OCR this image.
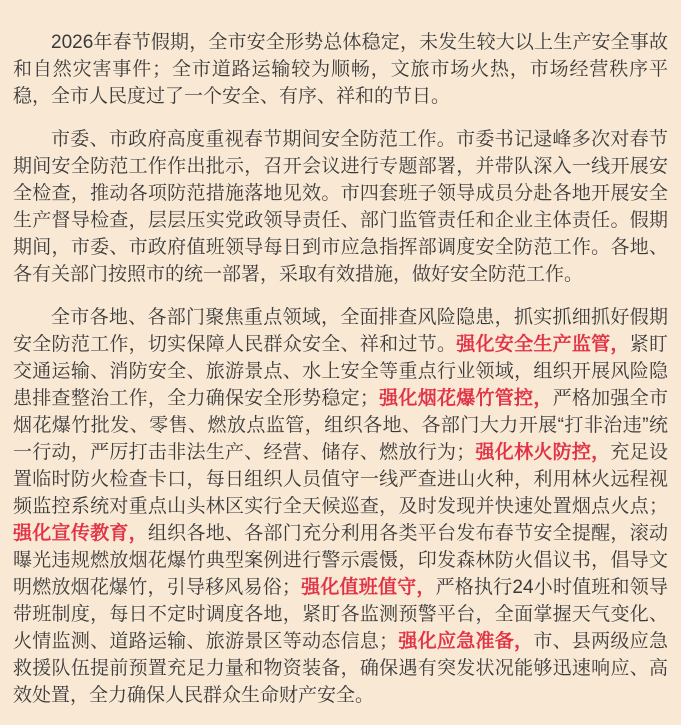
2026年春节假期，全市安全形势总体稳定，未发生较大以上生产安全事故和自然灾害事件；全市道路运输较为顺畅，文旅市场火热，市场经营秩序平稳，全市人民度过了一个安全、有序、祥和的节日。

市委、市政府高度重视春节期间安全防范工作。市委书记逯峰多次对春节期间安全防范工作作出批示，召开会议进行专题部署，并带队深入一线开展安全检查，推动各项防范措施落地见效。市四套班子领导成员分赴各地开展安全生产督导检查，层层压实党政领导责任、部门监管责任和企业主体责任。假期期间，市委、市政府值班领导每日到市应急指挥部调度安全防范工作。各地、各有关部门按照市的统一部署，采取有效措施，做好安全防范工作。

全市各地、各部门聚焦重点领域，全面排查风险隐患，抓实抓细抓好假期安全防范工作，切实保障人民群众安全、祥和过节。强化安全生产监管，紧盯交通运输、消防安全、旅游景点、水上安全等重点行业领域，组织开展风险隐患排查整治工作，全力确保安全形势稳定；强化烟花爆竹管控，严格加强全市烟花爆竹批发、零售、燃放点监管，组织各地、各部门大力开展“打非治违”统一行动，严厉打击非法生产、经营、储存、燃放行为；强化林火防控，充足设置临时防火检查卡口，每日组织人员值守一线严查进山火种，利用林火远程视频监控系统对重点山头林区实行全天候巡查，及时发现并快速处置烟点火点；强化宣传教育，组织各地、各部门充分利用各类平台发布春节安全提醒，滚动曝光违规燃放烟花爆竹典型案例进行警示震慑，印发森林防火倡议书，倡导文明燃放烟花爆竹，引导移风易俗；强化值班值守，严格执行24小时值班和领导带班制度，每日不定时调度各地，紧盯各监测预警平台，全面掌握天气变化、火情监测、道路运输、旅游景区等动态信息；强化应急准备，市、县两级应急救援队伍提前预置充足力量和物资装备，确保遇有突发状况能够迅速响应、高效处置，全力确保人民群众生命财产安全。
